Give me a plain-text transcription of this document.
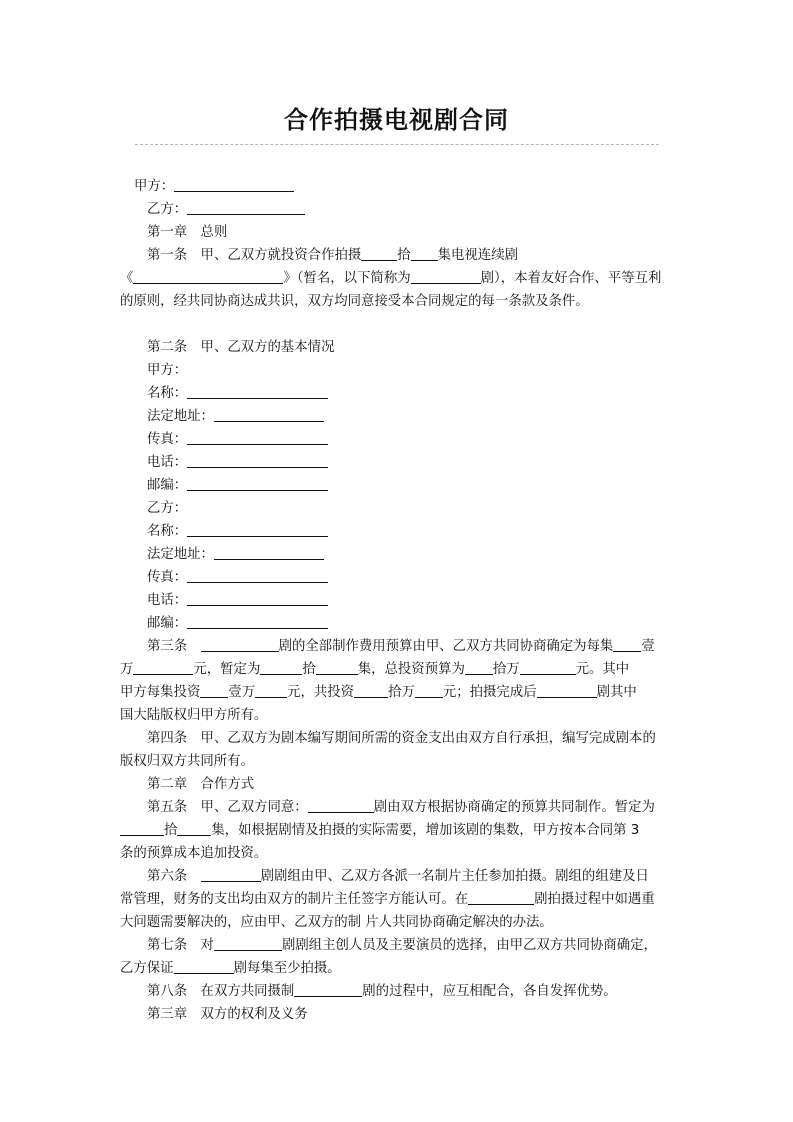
合作拍摄电视剧合同
甲方：
乙方：
第一章　总则
第一条　甲、乙双方就投资合作拍摄	拾 集电视连续剧
《	》（暂名，以下简称为	剧），本着友好合作、平等互利
的原则，经共同协商达成共识，双方均同意接受本合同规定的每一条款及条件。
第二条　甲、乙双方的基本情况
甲方：
名称：
法定地址：
传真：
电话：
邮编：
乙方：
名称：
法定地址：
传真：
电话：
邮编：
第三条　	剧的全部制作费用预算由甲、乙双方共同协商确定为每集 壹
万	元，暂定为	拾	集，总投资预算为 拾万	元。其中
甲方每集投资 壹万 元，共投资	拾万 元；拍摄完成后	剧其中
国大陆版权归甲方所有。
第四条　甲、乙双方为剧本编写期间所需的资金支出由双方自行承担，编写完成剧本的
版权归双方共同所有。
第二章　合作方式
第五条　甲、乙双方同意：	剧由双方根据协商确定的预算共同制作。暂定为
拾	集，如根据剧情及拍摄的实际需要，增加该剧的集数，甲方按本合同第 3
条的预算成本追加投资。
第六条　	剧剧组由甲、乙双方各派一名制片主任参加拍摄。剧组的组建及日
常管理，财务的支出均由双方的制片主任签字方能认可。在	剧拍摄过程中如遇重
大问题需要解决的，应由甲、乙双方的制 片人共同协商确定解决的办法。
第七条　对	剧剧组主创人员及主要演员的选择，由甲乙双方共同协商确定，
乙方保证	剧每集至少拍摄。
第八条　在双方共同摄制	剧的过程中，应互相配合，各自发挥优势。
第三章　双方的权利及义务
